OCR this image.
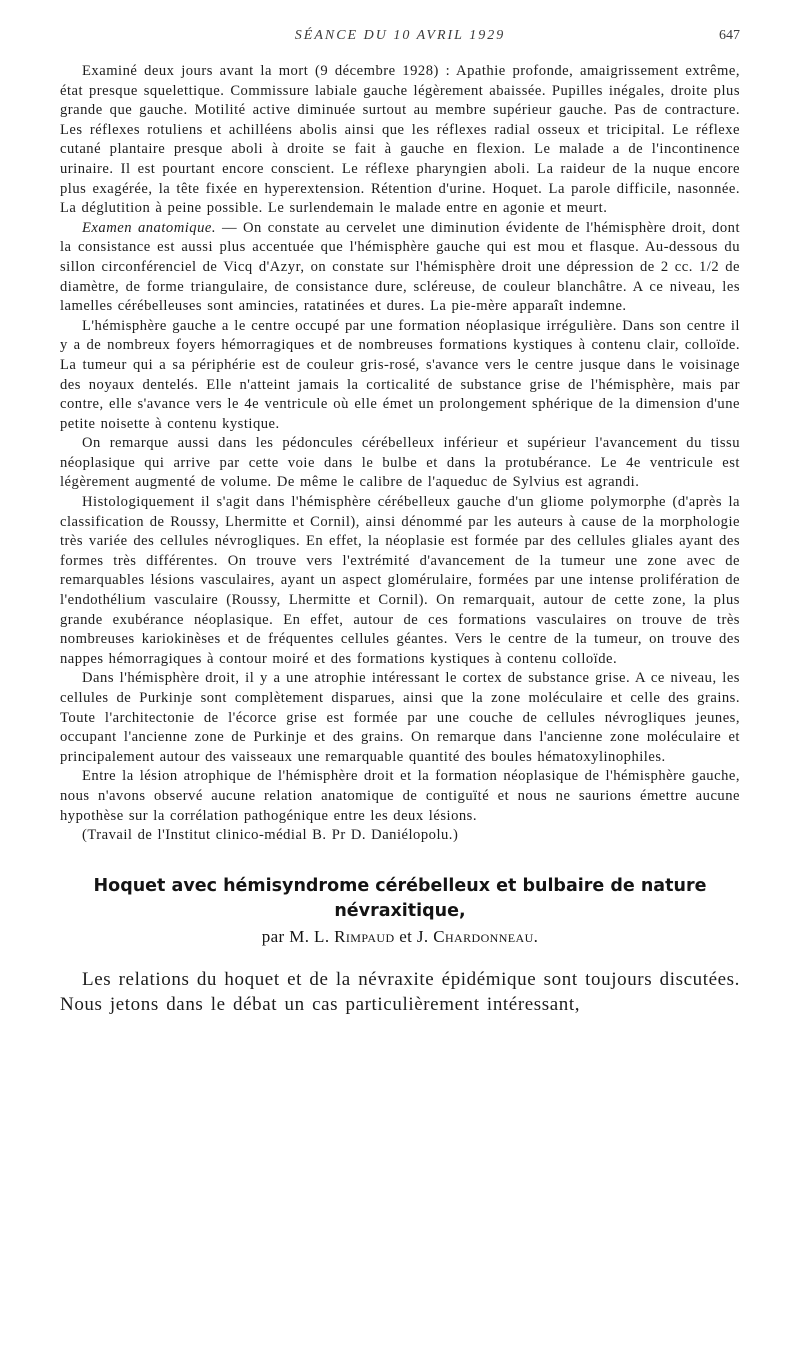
SÉANCE DU 10 AVRIL 1929	647

Examiné deux jours avant la mort (9 décembre 1928) : Apathie profonde, amaigrissement extrême, état presque squelettique. Commissure labiale gauche légèrement abaissée. Pupilles inégales, droite plus grande que gauche. Motilité active diminuée surtout au membre supérieur gauche. Pas de contracture. Les réflexes rotuliens et achilléens abolis ainsi que les réflexes radial osseux et tricipital. Le réflexe cutané plantaire presque aboli à droite se fait à gauche en flexion. Le malade a de l'incontinence urinaire. Il est pourtant encore conscient. Le réflexe pharyngien aboli. La raideur de la nuque encore plus exagérée, la tête fixée en hyperextension. Rétention d'urine. Hoquet. La parole difficile, nasonnée. La déglutition à peine possible. Le surlendemain le malade entre en agonie et meurt.

Examen anatomique. — On constate au cervelet une diminution évidente de l'hémisphère droit, dont la consistance est aussi plus accentuée que l'hémisphère gauche qui est mou et flasque. Au-dessous du sillon circonférenciel de Vicq d'Azyr, on constate sur l'hémisphère droit une dépression de 2 cc. 1/2 de diamètre, de forme triangulaire, de consistance dure, scléreuse, de couleur blanchâtre. A ce niveau, les lamelles cérébelleuses sont amincies, ratatinées et dures. La pie-mère apparaît indemne.

L'hémisphère gauche a le centre occupé par une formation néoplasique irrégulière. Dans son centre il y a de nombreux foyers hémorragiques et de nombreuses formations kystiques à contenu clair, colloïde. La tumeur qui a sa périphérie est de couleur gris-rosé, s'avance vers le centre jusque dans le voisinage des noyaux dentelés. Elle n'atteint jamais la corticalité de substance grise de l'hémisphère, mais par contre, elle s'avance vers le 4e ventricule où elle émet un prolongement sphérique de la dimension d'une petite noisette à contenu kystique.

On remarque aussi dans les pédoncules cérébelleux inférieur et supérieur l'avancement du tissu néoplasique qui arrive par cette voie dans le bulbe et dans la protubérance. Le 4e ventricule est légèrement augmenté de volume. De même le calibre de l'aqueduc de Sylvius est agrandi.

Histologiquement il s'agit dans l'hémisphère cérébelleux gauche d'un gliome polymorphe (d'après la classification de Roussy, Lhermitte et Cornil), ainsi dénommé par les auteurs à cause de la morphologie très variée des cellules névrogliques. En effet, la néoplasie est formée par des cellules gliales ayant des formes très différentes. On trouve vers l'extrémité d'avancement de la tumeur une zone avec de remarquables lésions vasculaires, ayant un aspect glomérulaire, formées par une intense prolifération de l'endothélium vasculaire (Roussy, Lhermitte et Cornil). On remarquait, autour de cette zone, la plus grande exubérance néoplasique. En effet, autour de ces formations vasculaires on trouve de très nombreuses kariokinèses et de fréquentes cellules géantes. Vers le centre de la tumeur, on trouve des nappes hémorragiques à contour moiré et des formations kystiques à contenu colloïde.

Dans l'hémisphère droit, il y a une atrophie intéressant le cortex de substance grise. A ce niveau, les cellules de Purkinje sont complètement disparues, ainsi que la zone moléculaire et celle des grains. Toute l'architectonie de l'écorce grise est formée par une couche de cellules névrogliques jeunes, occupant l'ancienne zone de Purkinje et des grains. On remarque dans l'ancienne zone moléculaire et principalement autour des vaisseaux une remarquable quantité des boules hématoxylinophiles.

Entre la lésion atrophique de l'hémisphère droit et la formation néoplasique de l'hémisphère gauche, nous n'avons observé aucune relation anatomique de contiguïté et nous ne saurions émettre aucune hypothèse sur la corrélation pathogénique entre les deux lésions.

(Travail de l'Institut clinico-médial B. Pr D. Daniélopolu.)

Hoquet avec hémisyndrome cérébelleux et bulbaire de nature névraxitique,
par M. L. Rimpaud et J. Chardonneau.

Les relations du hoquet et de la névraxite épidémique sont toujours discutées. Nous jetons dans le débat un cas particulièrement intéressant,
